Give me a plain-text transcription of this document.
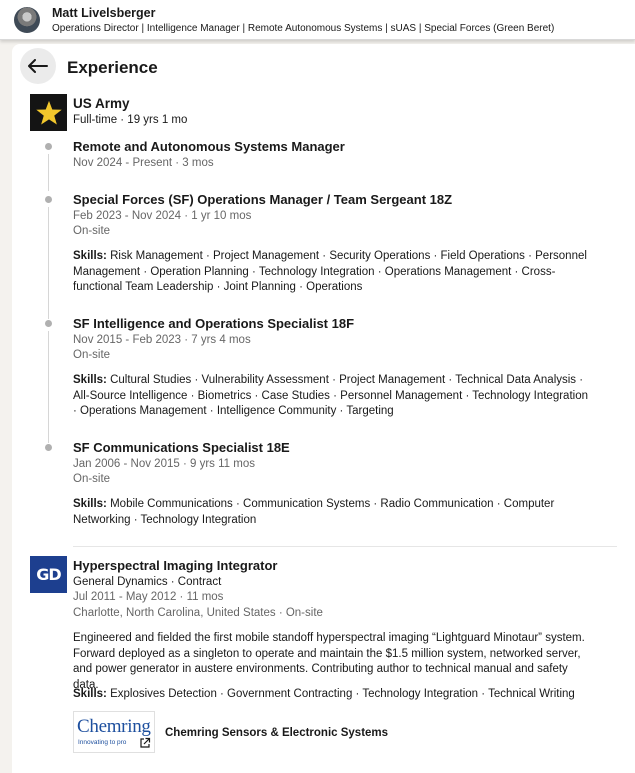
Matt Livelsberger
Operations Director | Intelligence Manager | Remote Autonomous Systems | sUAS | Special Forces (Green Beret)
Experience
US Army
Full-time · 19 yrs 1 mo
Remote and Autonomous Systems Manager
Nov 2024 - Present · 3 mos
Special Forces (SF) Operations Manager / Team Sergeant 18Z
Feb 2023 - Nov 2024 · 1 yr 10 mos
On-site
Skills: Risk Management · Project Management · Security Operations · Field Operations · Personnel Management · Operation Planning · Technology Integration · Operations Management · Cross-functional Team Leadership · Joint Planning · Operations
SF Intelligence and Operations Specialist 18F
Nov 2015 - Feb 2023 · 7 yrs 4 mos
On-site
Skills: Cultural Studies · Vulnerability Assessment · Project Management · Technical Data Analysis · All-Source Intelligence · Biometrics · Case Studies · Personnel Management · Technology Integration · Operations Management · Intelligence Community · Targeting
SF Communications Specialist 18E
Jan 2006 - Nov 2015 · 9 yrs 11 mos
On-site
Skills: Mobile Communications · Communication Systems · Radio Communication · Computer Networking · Technology Integration
GD Hyperspectral Imaging Integrator
General Dynamics · Contract
Jul 2011 - May 2012 · 11 mos
Charlotte, North Carolina, United States · On-site
Engineered and fielded the first mobile standoff hyperspectral imaging “Lightguard Minotaur” system. Forward deployed as a singleton to operate and maintain the $1.5 million system, networked server, and power generator in austere environments. Contributing author to technical manual and safety data.
Skills: Explosives Detection · Government Contracting · Technology Integration · Technical Writing
Chemring
Innovating to pro
Chemring Sensors & Electronic Systems
